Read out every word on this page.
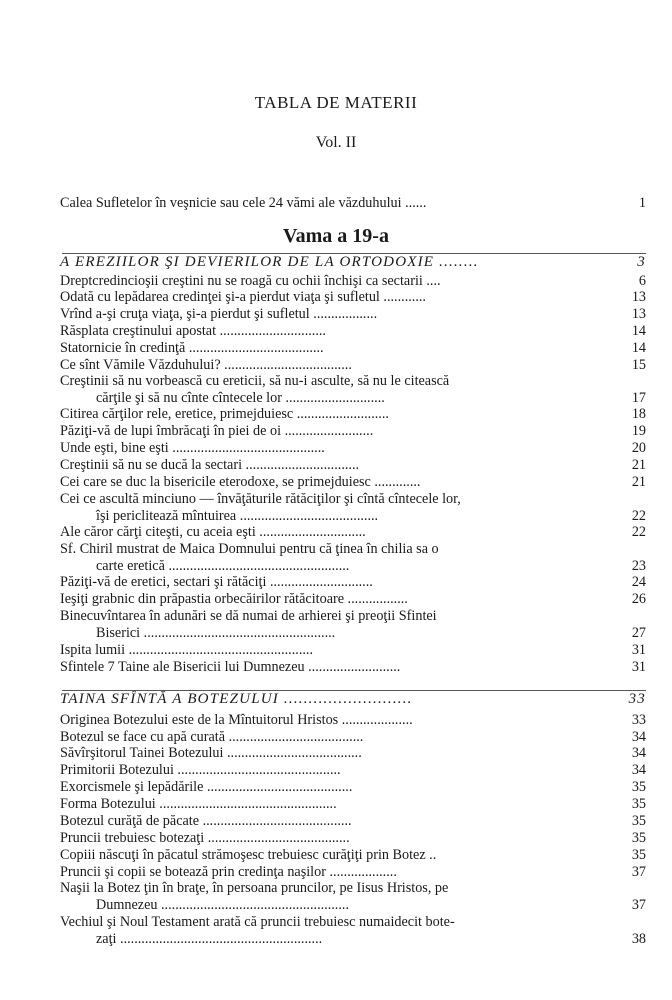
TABLA DE MATERII
Vol. II
Calea Sufletelor în veşnicie sau cele 24 vămi ale văzduhului ......	1
Vama a 19-a
A EREZIILOR ŞI DEVIERILOR DE LA ORTODOXIE ........	3
Dreptcredincioşii creştini nu se roagă cu ochii închişi ca sectarii ....	6
Odată cu lepădarea credinţei şi-a pierdut viaţa şi sufletul ............	13
Vrînd a-şi cruţa viaţa, şi-a pierdut şi sufletul ..................	13
Răsplata creştinului apostat ..............................	14
Statornicie în credinţă ......................................	14
Ce sînt Vămile Văzduhului? ....................................	15
Creştinii să nu vorbească cu ereticii, să nu-i asculte, să nu le citească
cărţile şi să nu cînte cîntecele lor ............................	17
Citirea cărţilor rele, eretice, primejduiesc ..........................	18
Păziţi-vă de lupi îmbrăcaţi în piei de oi .........................	19
Unde eşti, bine eşti ...........................................	20
Creştinii să nu se ducă la sectari ................................	21
Cei care se duc la bisericile eterodoxe, se primejduiesc .............	21
Cei ce ascultă minciuno — învăţăturile rătăciţilor şi cîntă cîntecele lor,
îşi periclitează mîntuirea .......................................	22
Ale căror cărţi citeşti, cu aceia eşti ..............................	22
Sf. Chiril mustrat de Maica Domnului pentru că ţinea în chilia sa o
carte eretică ...................................................	23
Păziţi-vă de eretici, sectari şi rătăciţi .............................	24
Ieşiţi grabnic din prăpastia orbecăirilor rătăcitoare .................	26
Binecuvîntarea în adunări se dă numai de arhierei şi preoţii Sfintei
Biserici ......................................................	27
Ispita lumii ....................................................	31
Sfintele 7 Taine ale Bisericii lui Dumnezeu ..........................	31
TAINA SFÎNTĂ A BOTEZULUI ..........................	33
Originea Botezului este de la Mîntuitorul Hristos ....................	33
Botezul se face cu apă curată ......................................	34
Săvîrşitorul Tainei Botezului ......................................	34
Primitorii Botezului ..............................................	34
Exorcismele şi lepădările .........................................	35
Forma Botezului ..................................................	35
Botezul curăţă de păcate ..........................................	35
Pruncii trebuiesc botezaţi ........................................	35
Copiii născuţi în păcatul strămoşesc trebuiesc curăţiţi prin Botez ..	35
Pruncii şi copii se botează prin credinţa naşilor ...................	37
Naşii la Botez ţin în braţe, în persoana pruncilor, pe Iisus Hristos, pe
Dumnezeu .....................................................	37
Vechiul şi Noul Testament arată că pruncii trebuiesc numaidecit bote-
zaţi .........................................................	38
